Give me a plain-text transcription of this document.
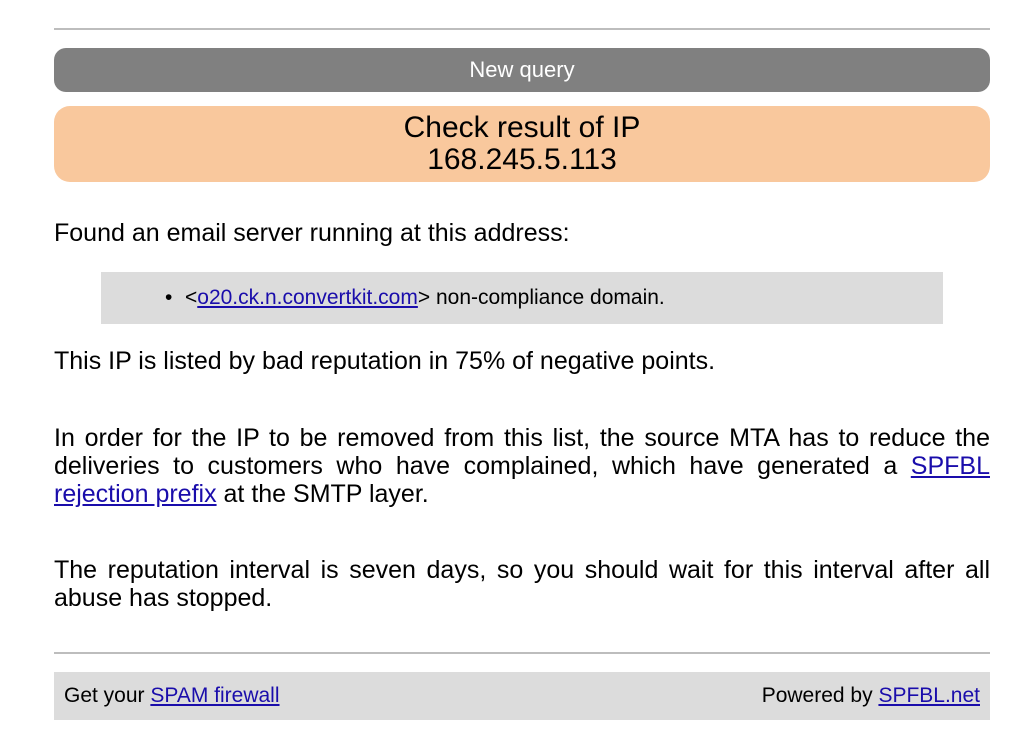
New query
Check result of IP
168.245.5.113

Found an email server running at this address:

• <o20.ck.n.convertkit.com> non-compliance domain.

This IP is listed by bad reputation in 75% of negative points.

In order for the IP to be removed from this list, the source MTA has to reduce the deliveries to customers who have complained, which have generated a SPFBL rejection prefix at the SMTP layer.

The reputation interval is seven days, so you should wait for this interval after all abuse has stopped.

Get your SPAM firewall	Powered by SPFBL.net
